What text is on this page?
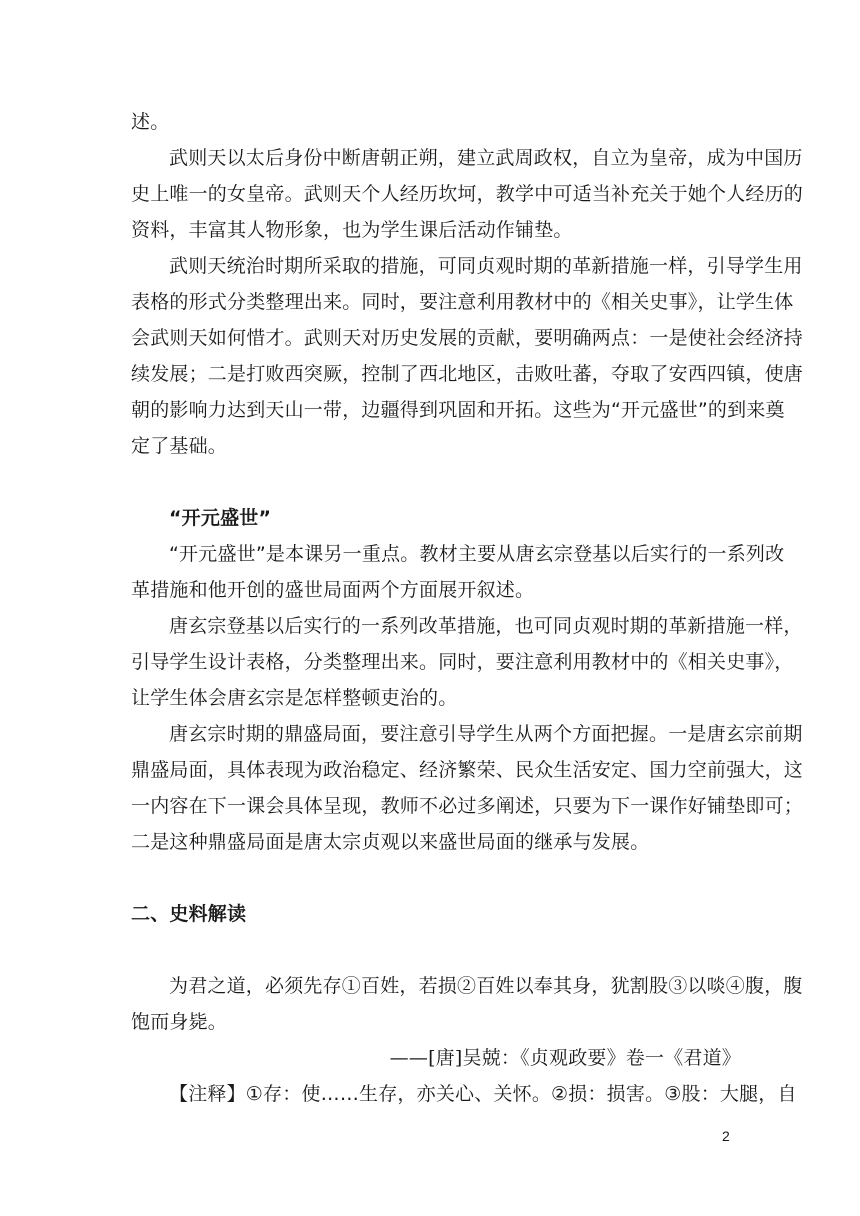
述。
武则天以太后身份中断唐朝正朔，建立武周政权，自立为皇帝，成为中国历
史上唯一的女皇帝。武则天个人经历坎坷，教学中可适当补充关于她个人经历的
资料，丰富其人物形象，也为学生课后活动作铺垫。
武则天统治时期所采取的措施，可同贞观时期的革新措施一样，引导学生用
表格的形式分类整理出来。同时，要注意利用教材中的《相关史事》，让学生体
会武则天如何惜才。武则天对历史发展的贡献，要明确两点：一是使社会经济持
续发展；二是打败西突厥，控制了西北地区，击败吐蕃，夺取了安西四镇，使唐
朝的影响力达到天山一带，边疆得到巩固和开拓。这些为“开元盛世”的到来奠
定了基础。
“开元盛世”
“开元盛世”是本课另一重点。教材主要从唐玄宗登基以后实行的一系列改
革措施和他开创的盛世局面两个方面展开叙述。
唐玄宗登基以后实行的一系列改革措施，也可同贞观时期的革新措施一样，
引导学生设计表格，分类整理出来。同时，要注意利用教材中的《相关史事》，
让学生体会唐玄宗是怎样整顿吏治的。
唐玄宗时期的鼎盛局面，要注意引导学生从两个方面把握。一是唐玄宗前期
鼎盛局面，具体表现为政治稳定、经济繁荣、民众生活安定、国力空前强大，这
一内容在下一课会具体呈现，教师不必过多阐述，只要为下一课作好铺垫即可；
二是这种鼎盛局面是唐太宗贞观以来盛世局面的继承与发展。
二、史料解读
为君之道，必须先存①百姓，若损②百姓以奉其身，犹割股③以啖④腹，腹
饱而身毙。
——[唐]吴兢：《贞观政要》卷一《君道》
【注释】①存：使……生存，亦关心、关怀。②损：损害。③股：大腿，自
2
